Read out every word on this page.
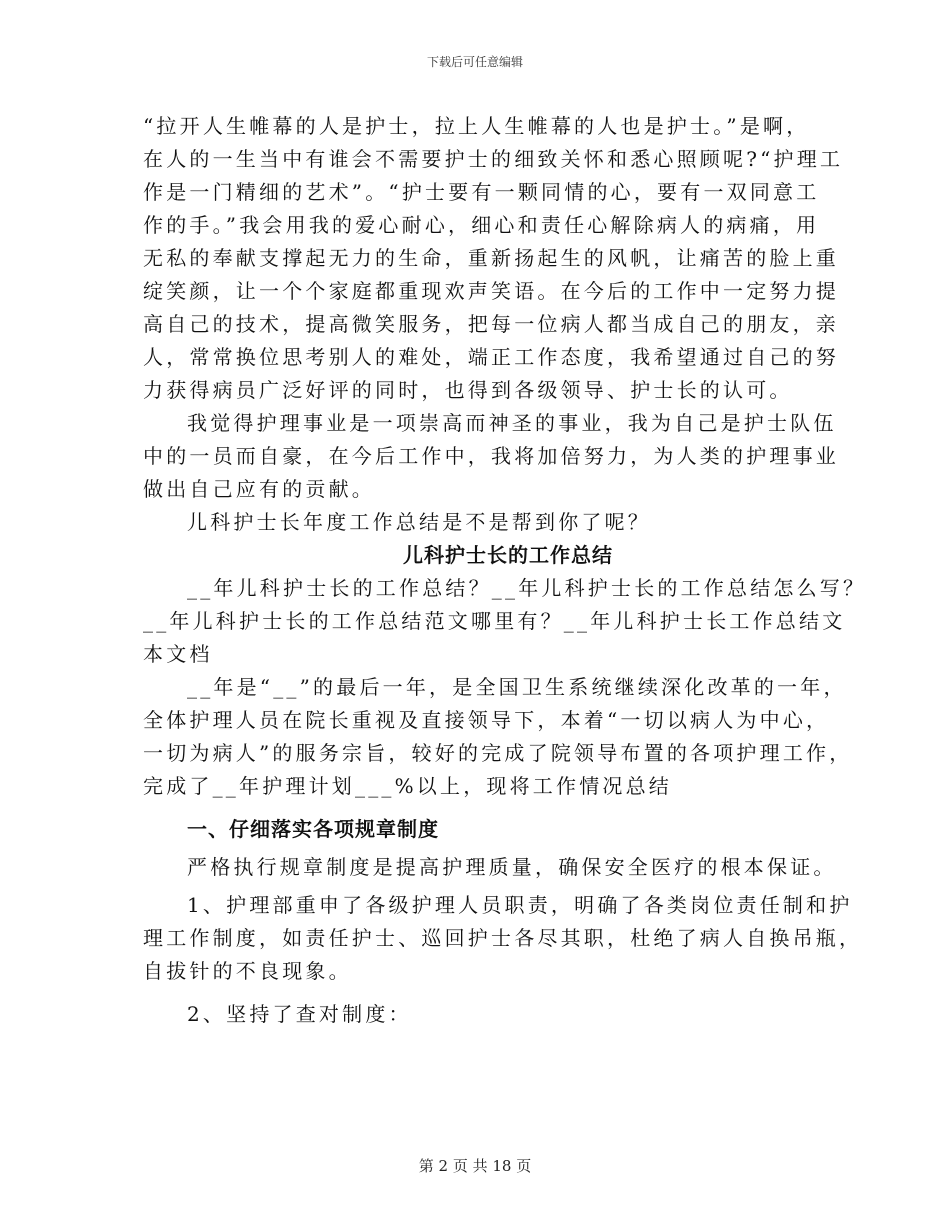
下载后可任意编辑
“拉开人生帷幕的人是护士，拉上人生帷幕的人也是护士。”是啊，
在人的一生当中有谁会不需要护士的细致关怀和悉心照顾呢?“护理工
作是一门精细的艺术”。“护士要有一颗同情的心，要有一双同意工
作的手。”我会用我的爱心耐心，细心和责任心解除病人的病痛，用
无私的奉献支撑起无力的生命，重新扬起生的风帆，让痛苦的脸上重
绽笑颜，让一个个家庭都重现欢声笑语。在今后的工作中一定努力提
高自己的技术，提高微笑服务，把每一位病人都当成自己的朋友，亲
人，常常换位思考别人的难处，端正工作态度，我希望通过自己的努
力获得病员广泛好评的同时，也得到各级领导、护士长的认可。
我觉得护理事业是一项崇高而神圣的事业，我为自己是护士队伍
中的一员而自豪，在今后工作中，我将加倍努力，为人类的护理事业
做出自己应有的贡献。
儿科护士长年度工作总结是不是帮到你了呢？
儿科护士长的工作总结
__年儿科护士长的工作总结？__年儿科护士长的工作总结怎么写？
__年儿科护士长的工作总结范文哪里有？__年儿科护士长工作总结文
本文档
__年是“__”的最后一年，是全国卫生系统继续深化改革的一年，
全体护理人员在院长重视及直接领导下，本着“一切以病人为中心，
一切为病人”的服务宗旨，较好的完成了院领导布置的各项护理工作，
完成了__年护理计划___%以上，现将工作情况总结
一、仔细落实各项规章制度
严格执行规章制度是提高护理质量，确保安全医疗的根本保证。
1、护理部重申了各级护理人员职责，明确了各类岗位责任制和护
理工作制度，如责任护士、巡回护士各尽其职，杜绝了病人自换吊瓶，
自拔针的不良现象。
2、坚持了查对制度：
第 2 页 共 18 页
